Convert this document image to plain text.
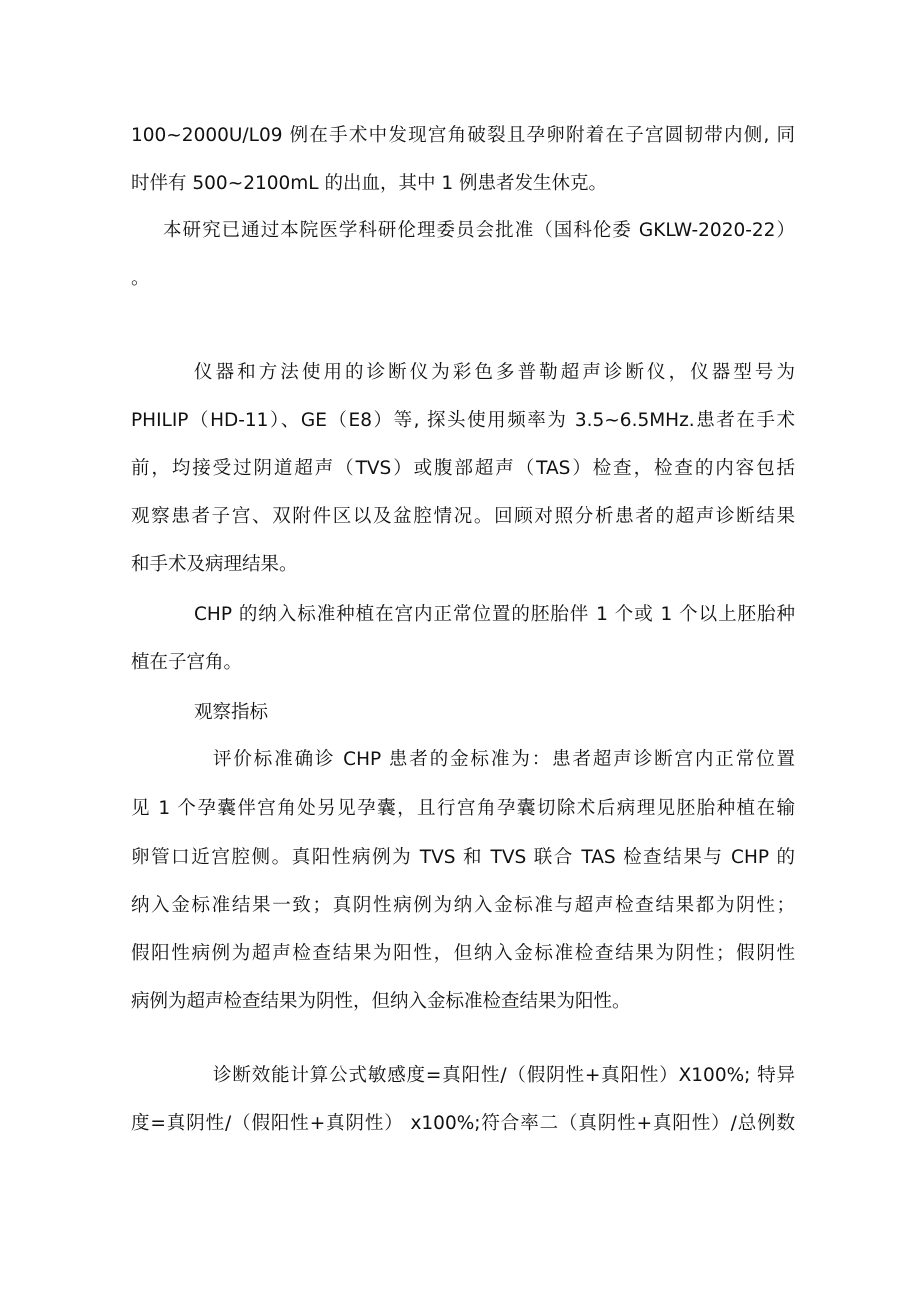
100~2000U/L09 例在手术中发现宫角破裂且孕卵附着在子宫圆韧带内侧, 同
时伴有 500~2100mL 的出血，其中 1 例患者发生休克。
本研究已通过本院医学科研伦理委员会批准（国科伦委 GKLW-2020-22）
。
仪器和方法使用的诊断仪为彩色多普勒超声诊断仪，仪器型号为
PHILIP（HD-11）、GE（E8）等, 探头使用频率为 3.5~6.5MHz.患者在手术
前，均接受过阴道超声（TVS）或腹部超声（TAS）检查，检查的内容包括
观察患者子宫、双附件区以及盆腔情况。回顾对照分析患者的超声诊断结果
和手术及病理结果。
CHP 的纳入标准种植在宫内正常位置的胚胎伴 1 个或 1 个以上胚胎种
植在子宫角。
观察指标
评价标准确诊 CHP 患者的金标准为：患者超声诊断宫内正常位置
见 1 个孕囊伴宫角处另见孕囊，且行宫角孕囊切除术后病理见胚胎种植在输
卵管口近宫腔侧。真阳性病例为 TVS 和 TVS 联合 TAS 检查结果与 CHP 的
纳入金标准结果一致；真阴性病例为纳入金标准与超声检查结果都为阴性；
假阳性病例为超声检查结果为阳性，但纳入金标准检查结果为阴性；假阴性
病例为超声检查结果为阴性，但纳入金标准检查结果为阳性。
诊断效能计算公式敏感度=真阳性/（假阴性+真阳性）X100%; 特异
度=真阴性/（假阳性+真阴性） x100%;符合率二（真阴性+真阳性）/总例数
